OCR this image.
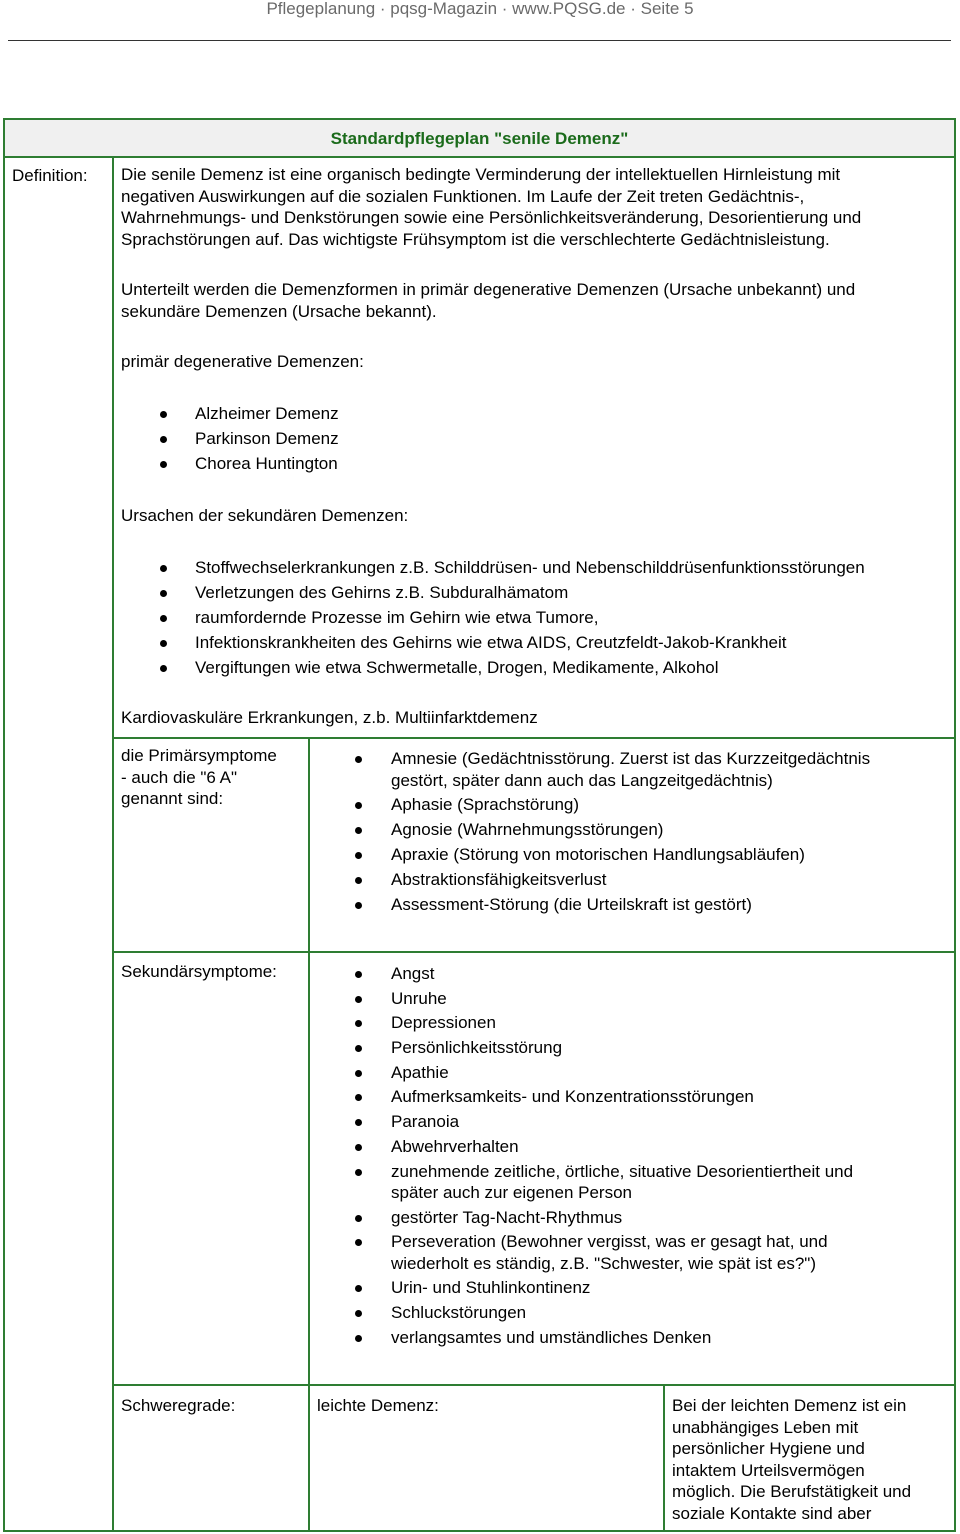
Pflegeplanung · pqsg-Magazin · www.PQSG.de · Seite 5
Standardpflegeplan "senile Demenz"
Definition: Die senile Demenz ist eine organisch bedingte Verminderung der intellektuellen Hirnleistung mit
negativen Auswirkungen auf die sozialen Funktionen. Im Laufe der Zeit treten Gedächtnis-,
Wahrnehmungs- und Denkstörungen sowie eine Persönlichkeitsveränderung, Desorientierung und
Sprachstörungen auf. Das wichtigste Frühsymptom ist die verschlechterte Gedächtnisleistung.
Unterteilt werden die Demenzformen in primär degenerative Demenzen (Ursache unbekannt) und
sekundäre Demenzen (Ursache bekannt).
primär degenerative Demenzen:
Alzheimer Demenz
Parkinson Demenz
Chorea Huntington
Ursachen der sekundären Demenzen:
Stoffwechselerkrankungen z.B. Schilddrüsen- und Nebenschilddrüsenfunktionsstörungen
Verletzungen des Gehirns z.B. Subduralhämatom
raumfordernde Prozesse im Gehirn wie etwa Tumore,
Infektionskrankheiten des Gehirns wie etwa AIDS, Creutzfeldt-Jakob-Krankheit
Vergiftungen wie etwa Schwermetalle, Drogen, Medikamente, Alkohol
Kardiovaskuläre Erkrankungen, z.b. Multiinfarktdemenz
die Primärsymptome
- auch die "6 A"
genannt sind:
Amnesie (Gedächtnisstörung. Zuerst ist das Kurzzeitgedächtnis
gestört, später dann auch das Langzeitgedächtnis)
Aphasie (Sprachstörung)
Agnosie (Wahrnehmungsstörungen)
Apraxie (Störung von motorischen Handlungsabläufen)
Abstraktionsfähigkeitsverlust
Assessment-Störung (die Urteilskraft ist gestört)
Sekundärsymptome:	Angst
Unruhe
Depressionen
Persönlichkeitsstörung
Apathie
Aufmerksamkeits- und Konzentrationsstörungen
Paranoia
Abwehrverhalten
zunehmende zeitliche, örtliche, situative Desorientiertheit und
später auch zur eigenen Person
gestörter Tag-Nacht-Rhythmus
Perseveration (Bewohner vergisst, was er gesagt hat, und
wiederholt es ständig, z.B. "Schwester, wie spät ist es?")
Urin- und Stuhlinkontinenz
Schluckstörungen
verlangsamtes und umständliches Denken
Schweregrade:	leichte Demenz:	Bei der leichten Demenz ist ein
unabhängiges Leben mit
persönlicher Hygiene und
intaktem Urteilsvermögen
möglich. Die Berufstätigkeit und
soziale Kontakte sind aber
